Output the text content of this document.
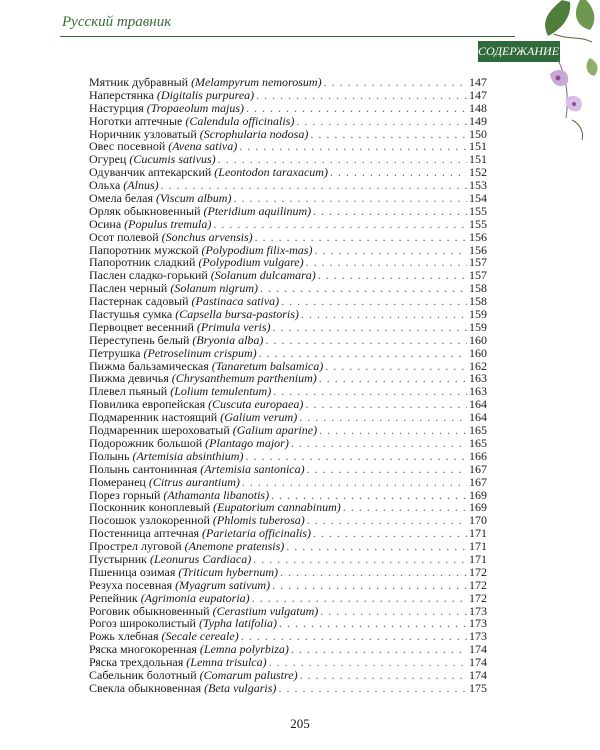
Русский травник
СОДЕРЖАНИЕ
Мятник дубравный (Melampyrum nemorosum) . . .	147
Наперстянка (Digitalis purpurea) . . .	147
Настурция (Tropaeolum majus) . . .	148
Ноготки аптечные (Calendula officinalis) . . .	149
Норичник узловатый (Scrophularia nodosa) . . .	150
Овес посевной (Avena sativa) . . .	151
Огурец (Cucumis sativus) . . .	151
Одуванчик аптекарский (Leontodon taraxacum) . . .	152
Ольха (Alnus) . . .	153
Омела белая (Viscum album) . . .	154
Орляк обыкновенный (Pteridium aquilinum) . . .	155
Осина (Populus tremula) . . .	155
Осот полевой (Sonchus arvensis) . . .	156
Папоротник мужской (Polypodium filix-mas) . . .	156
Папоротник сладкий (Polypodium vulgare) . . .	157
Паслен сладко-горький (Solanum dulcamara) . . .	157
Паслен черный (Solanum nigrum) . . .	158
Пастернак садовый (Pastinaca sativa) . . .	158
Пастушья сумка (Capsella bursa-pastoris) . . .	159
Первоцвет весенний (Primula veris) . . .	159
Переступень белый (Bryonia alba) . . .	160
Петрушка (Petroselinum crispum) . . .	160
Пижма бальзамическая (Tanaretum balsamica) . . .	162
Пижма девичья (Chrysanthemum parthenium) . . .	163
Плевел пьяный (Lolium temulentum) . . .	163
Повилика европейская (Cuscuta europaea) . . .	164
Подмаренник настоящий (Galium verum) . . .	164
Подмаренник шероховатый (Galium aparine) . . .	165
Подорожник большой (Plantago major) . . .	165
Полынь (Artemisia absinthium) . . .	166
Полынь сантонинная (Artemisia santonica) . . .	167
Померанец (Citrus aurantium) . . .	167
Порез горный (Athamanta libanotis) . . .	169
Посконник коноплевый (Eupatorium cannabinum) . . .	169
Посошок узлокоренной (Phlomis tuberosa) . . .	170
Постенница аптечная (Parietaria officinalis) . . .	171
Прострел луговой (Anemone pratensis) . . .	171
Пустырник (Leonurus Cardiaca) . . .	171
Пшеница озимая (Triticum hybernum) . . .	172
Резуха посевная (Myagrum sativum) . . .	172
Репейник (Agrimonia eupatoria) . . .	172
Роговик обыкновенный (Cerastium vulgatum) . . .	173
Рогоз широколистый (Typha latifolia) . . .	173
Рожь хлебная (Secale cereale) . . .	173
Ряска многокоренная (Lemna polyrbiza) . . .	174
Ряска трехдольная (Lemna trisulca) . . .	174
Сабельник болотный (Comarum palustre) . . .	174
Свекла обыкновенная (Beta vulgaris) . . .	175
205
